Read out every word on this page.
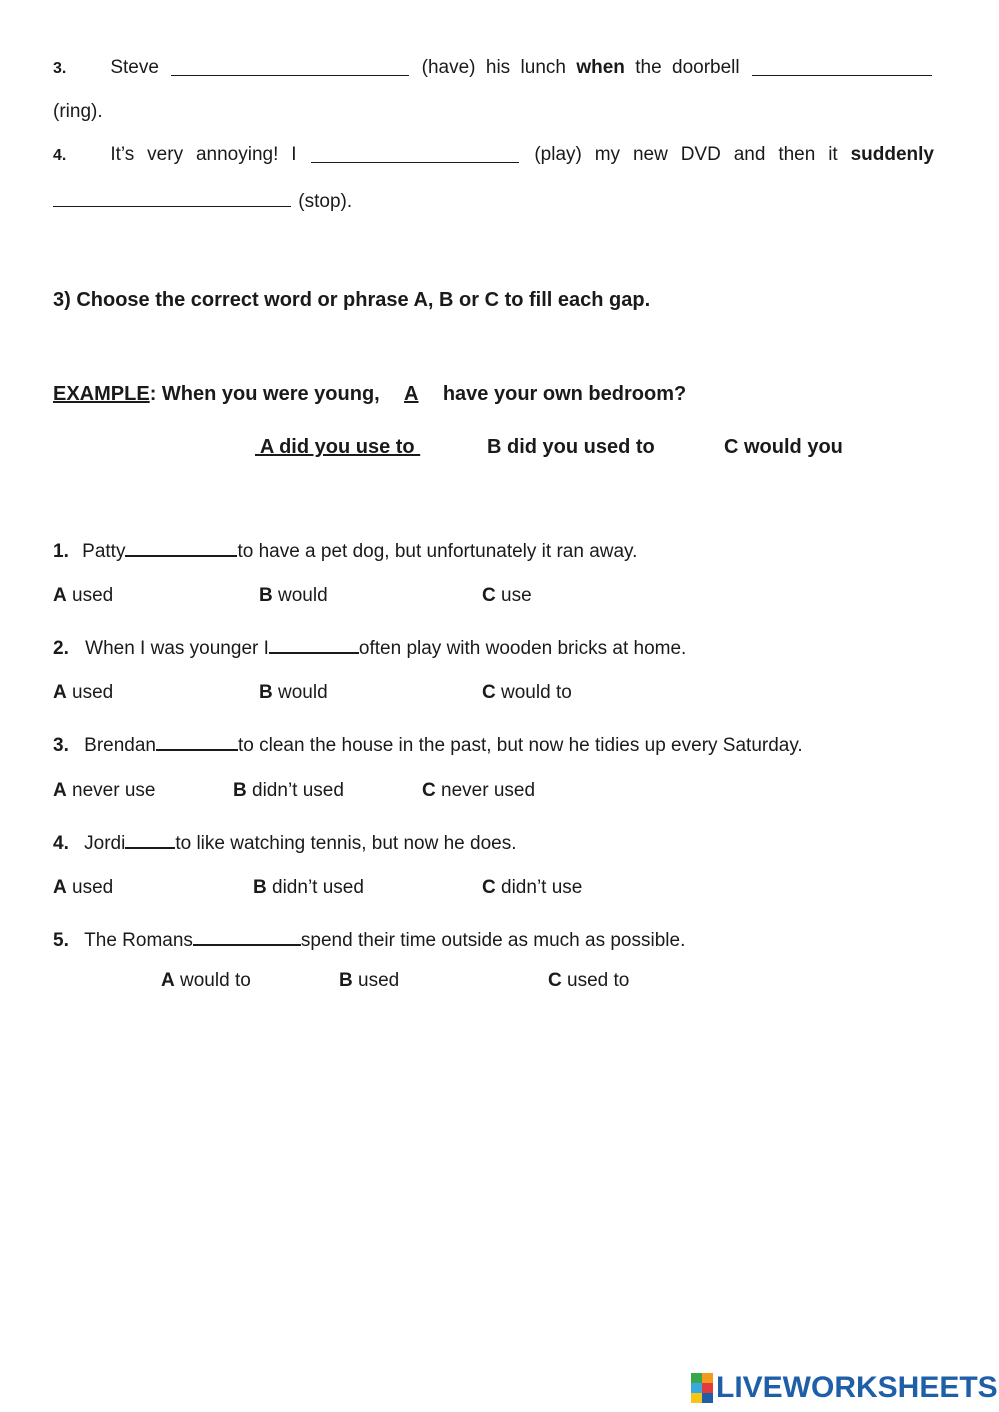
3. Steve	(have) his lunch when the doorbell
(ring).
4. It’s very annoying! I	(play) my new DVD and then it suddenly
(stop).
3) Choose the correct word or phrase A, B or C to fill each gap.
EXAMPLE: When you were young, A have your own bedroom?
A did you use to	B did you used to	C would you
1. Patty	to have a pet dog, but unfortunately it ran away.
A used	B would	C use
2. When I was younger I	often play with wooden bricks at home.
A used	B would	C would to
3. Brendan	to clean the house in the past, but now he tidies up every Saturday.
A never use	B didn’t used	C never used
4. Jordi	to like watching tennis, but now he does.
A used	B didn’t used	C didn’t use
5. The Romans	spend their time outside as much as possible.
A would to	B used	C used to
LIVEWORKSHEETS
